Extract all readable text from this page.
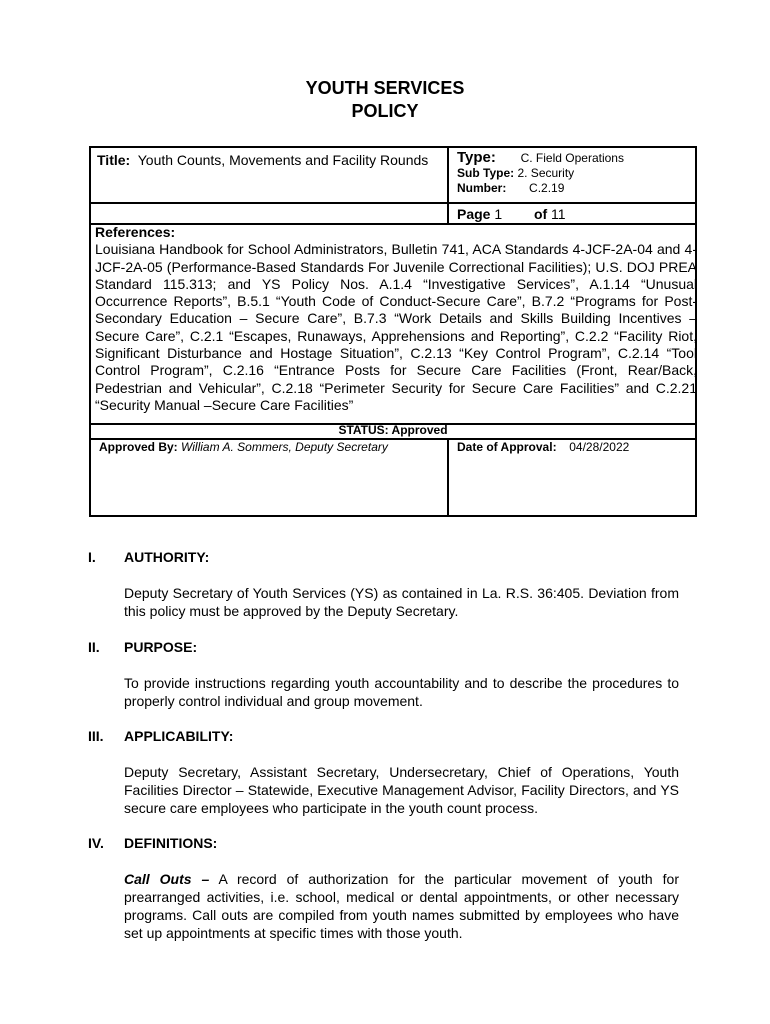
YOUTH SERVICES
POLICY
Title: Youth Counts, Movements and Facility Rounds	Type: C. Field Operations
Sub Type: 2. Security
Number: C.2.19
Page 1 of 11
References:
Louisiana Handbook for School Administrators, Bulletin 741, ACA Standards 4-JCF-2A-04 and 4-JCF-2A-05 (Performance-Based Standards For Juvenile Correctional Facilities); U.S. DOJ PREA Standard 115.313; and YS Policy Nos. A.1.4 “Investigative Services”, A.1.14 “Unusual Occurrence Reports”, B.5.1 “Youth Code of Conduct-Secure Care”, B.7.2 “Programs for Post-Secondary Education – Secure Care”, B.7.3 “Work Details and Skills Building Incentives – Secure Care”, C.2.1 “Escapes, Runaways, Apprehensions and Reporting”, C.2.2 “Facility Riot, Significant Disturbance and Hostage Situation”, C.2.13 “Key Control Program”, C.2.14 “Tool Control Program”, C.2.16 “Entrance Posts for Secure Care Facilities (Front, Rear/Back, Pedestrian and Vehicular”, C.2.18 “Perimeter Security for Secure Care Facilities” and C.2.21 “Security Manual –Secure Care Facilities”
STATUS: Approved
Approved By: William A. Sommers, Deputy Secretary	Date of Approval: 04/28/2022
I. AUTHORITY:
Deputy Secretary of Youth Services (YS) as contained in La. R.S. 36:405. Deviation from this policy must be approved by the Deputy Secretary.
II. PURPOSE:
To provide instructions regarding youth accountability and to describe the procedures to properly control individual and group movement.
III. APPLICABILITY:
Deputy Secretary, Assistant Secretary, Undersecretary, Chief of Operations, Youth Facilities Director – Statewide, Executive Management Advisor, Facility Directors, and YS secure care employees who participate in the youth count process.
IV. DEFINITIONS:
Call Outs – A record of authorization for the particular movement of youth for prearranged activities, i.e. school, medical or dental appointments, or other necessary programs. Call outs are compiled from youth names submitted by employees who have set up appointments at specific times with those youth.
